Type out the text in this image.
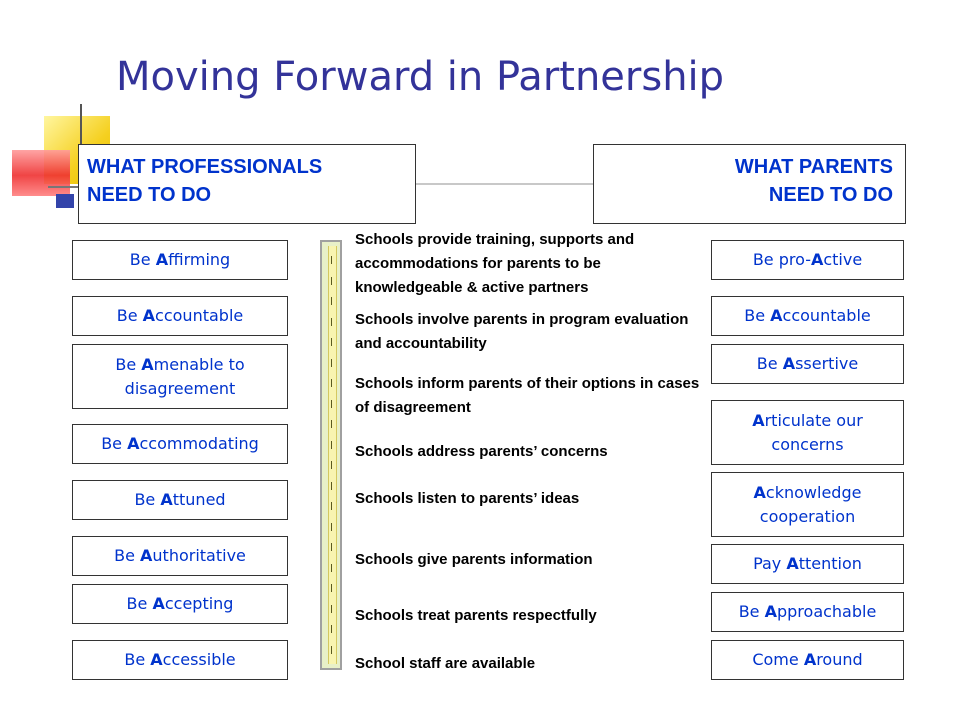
Moving Forward in Partnership
WHAT PROFESSIONALS
NEED TO DO
WHAT PARENTS
NEED TO DO
Be Affirming
Be Accountable
Be Amenable to disagreement
Be Accommodating
Be Attuned
Be Authoritative
Be Accepting
Be Accessible
Schools provide training, supports and accommodations for parents to be knowledgeable & active partners
Schools involve parents in program evaluation and accountability
Schools inform parents of their options in cases of disagreement
Schools address parents’ concerns
Schools listen to parents’ ideas
Schools give parents information
Schools treat parents respectfully
School staff are available
Be pro-Active
Be Accountable
Be Assertive
Articulate our concerns
Acknowledge cooperation
Pay Attention
Be Approachable
Come Around
